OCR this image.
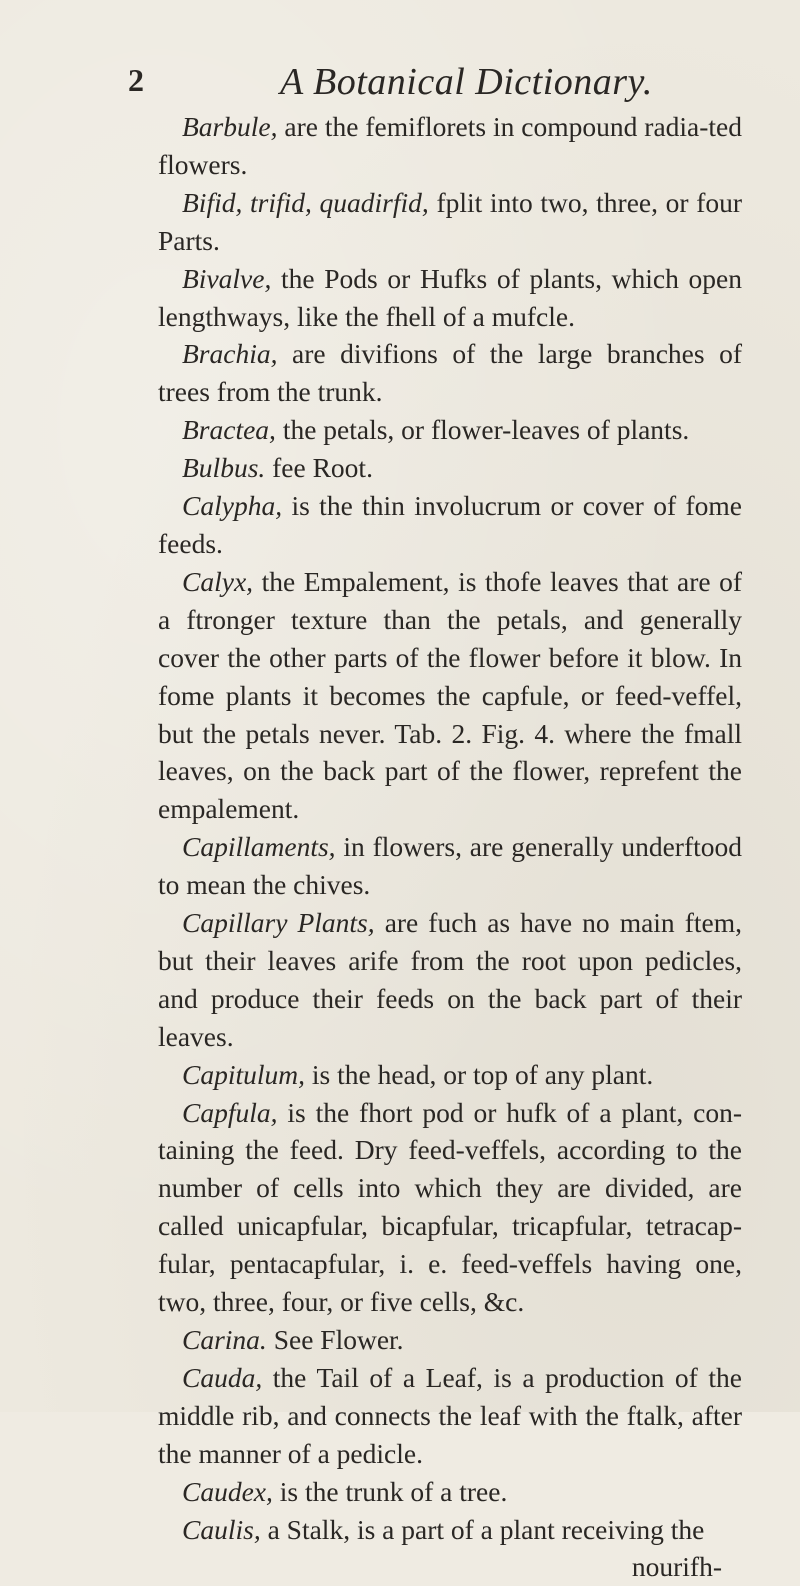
2	A Botanical Dictionary.

Barbule, are the femiflorets in compound radia-ted flowers.

Bifid, trifid, quadirfid, fplit into two, three, or four Parts.

Bivalve, the Pods or Hufks of plants, which open lengthways, like the fhell of a mufcle.

Brachia, are divifions of the large branches of trees from the trunk.

Bractea, the petals, or flower-leaves of plants.

Bulbus. fee Root.

Calypha, is the thin involucrum or cover of fome feeds.

Calyx, the Empalement, is thofe leaves that are of a ftronger texture than the petals, and generally cover the other parts of the flower before it blow. In fome plants it becomes the capfule, or feed-veffel, but the petals never. Tab. 2. Fig. 4. where the fmall leaves, on the back part of the flower, reprefent the empalement.

Capillaments, in flowers, are generally underftood to mean the chives.

Capillary Plants, are fuch as have no main ftem, but their leaves arife from the root upon pedicles, and produce their feeds on the back part of their leaves.

Capitulum, is the head, or top of any plant.

Capfula, is the fhort pod or hufk of a plant, con-taining the feed. Dry feed-veffels, according to the number of cells into which they are divided, are called unicapfular, bicapfular, tricapfular, tetracap-fular, pentacapfular, i. e. feed-veffels having one, two, three, four, or five cells, &c.

Carina. See Flower.

Cauda, the Tail of a Leaf, is a production of the middle rib, and connects the leaf with the ftalk, after the manner of a pedicle.

Caudex, is the trunk of a tree.

Caulis, a Stalk, is a part of a plant receiving the

nourifh-
